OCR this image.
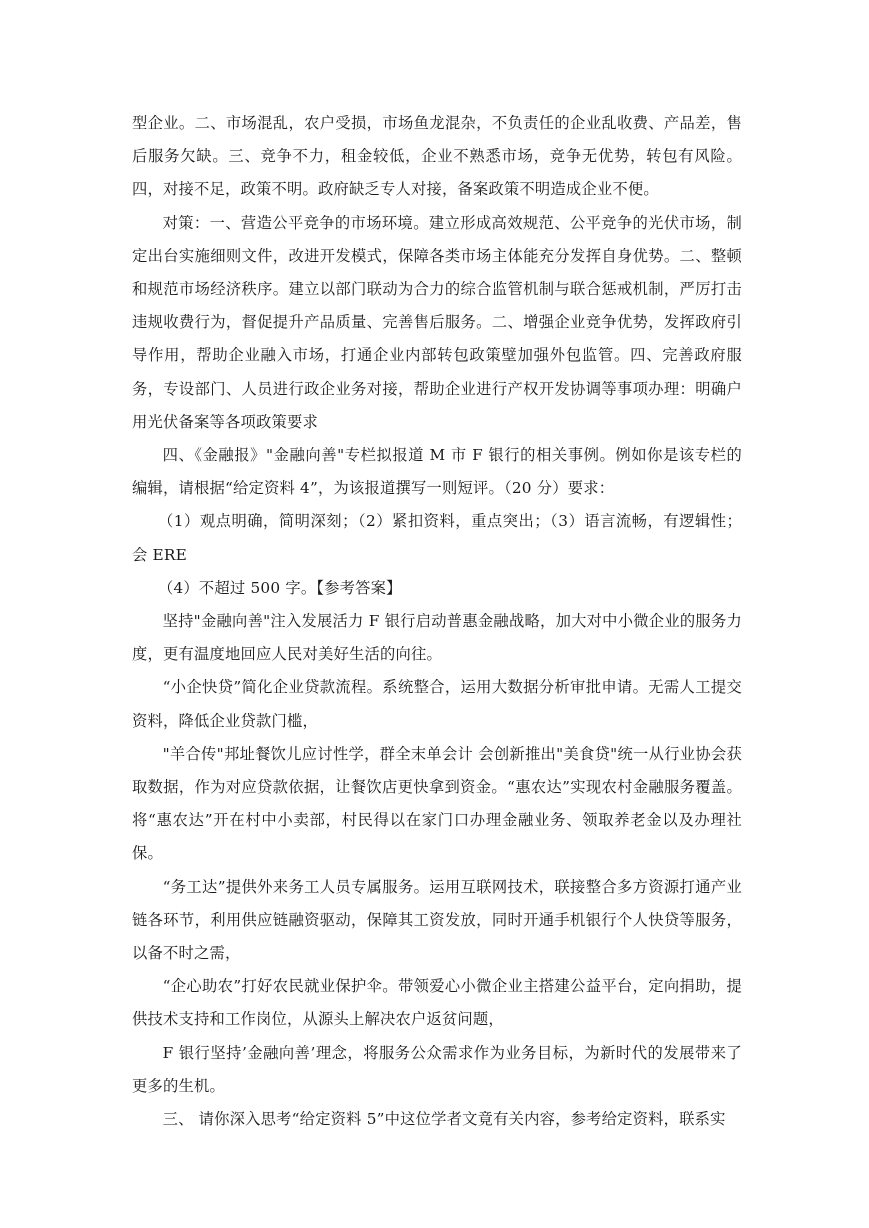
型企业。二、市场混乱，农户受损，市场鱼龙混杂，不负责任的企业乱收费、产品差，售后服务欠缺。三、竞争不力，租金较低，企业不熟悉市场，竞争无优势，转包有风险。四，对接不足，政策不明。政府缺乏专人对接，备案政策不明造成企业不便。

对策：一、营造公平竞争的市场环境。建立形成高效规范、公平竞争的光伏市场，制定出台实施细则文件，改进开发模式，保障各类市场主体能充分发挥自身优势。二、整顿和规范市场经济秩序。建立以部门联动为合力的综合监管机制与联合惩戒机制，严厉打击违规收费行为，督促提升产品质量、完善售后服务。二、增强企业竞争优势，发挥政府引导作用，帮助企业融入市场，打通企业内部转包政策壁加强外包监管。四、完善政府服务，专设部门、人员进行政企业务对接，帮助企业进行产权开发协调等事项办理：明确户用光伏备案等各项政策要求

四、《金融报》"金融向善"专栏拟报道 M 市 F 银行的相关事例。例如你是该专栏的编辑，请根据“给定资料 4”，为该报道撰写一则短评。（20 分）要求：

（1）观点明确，简明深刻；（2）紧扣资料，重点突出；（3）语言流畅，有逻辑性；会 ERE

（4）不超过 500 字。【参考答案】

坚持"金融向善"注入发展活力 F 银行启动普惠金融战略，加大对中小微企业的服务力度，更有温度地回应人民对美好生活的向往。

“小企快贷”简化企业贷款流程。系统整合，运用大数据分析审批申请。无需人工提交资料，降低企业贷款门槛，

"羊合传"邦址餐饮儿应讨性学，群全末单会计 会创新推出"美食贷"统一从行业协会获取数据，作为对应贷款依据，让餐饮店更快拿到资金。“惠农达”实现农村金融服务覆盖。将“惠农达”开在村中小卖部，村民得以在家门口办理金融业务、领取养老金以及办理社保。

“务工达”提供外来务工人员专属服务。运用互联网技术，联接整合多方资源打通产业链各环节，利用供应链融资驱动，保障其工资发放，同时开通手机银行个人快贷等服务，以备不时之需，

“企心助农”打好农民就业保护伞。带领爱心小微企业主搭建公益平台，定向捐助，提供技术支持和工作岗位，从源头上解决农户返贫问题，

F 银行坚持’金融向善’理念，将服务公众需求作为业务目标，为新时代的发展带来了更多的生机。

三、 请你深入思考“给定资料 5”中这位学者文竟有关内容，参考给定资料，联系实
